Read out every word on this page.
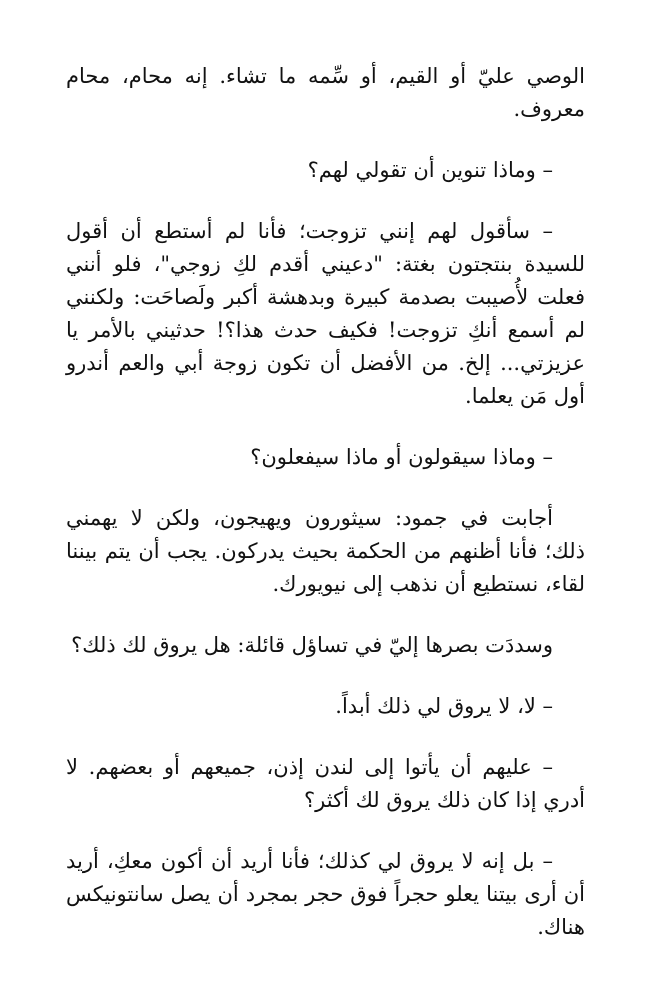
الوصي عليّ أو القيم، أو سِّمه ما تشاء. إنه محام، محام معروف.

– وماذا تنوين أن تقولي لهم؟

– سأقول لهم إنني تزوجت؛ فأنا لم أستطع أن أقول للسيدة بنتجتون بغتة: "دعيني أقدم لكِ زوجي"، فلو أنني فعلت لأُصيبت بصدمة كبيرة وبدهشة أكبر ولَصاحَت: ولكنني لم أسمع أنكِ تزوجت! فكيف حدث هذا؟! حدثيني بالأمر يا عزيزتي... إلخ. من الأفضل أن تكون زوجة أبي والعم أندرو أول مَن يعلما.

– وماذا سيقولون أو ماذا سيفعلون؟

أجابت في جمود: سيثورون ويهيجون، ولكن لا يهمني ذلك؛ فأنا أظنهم من الحكمة بحيث يدركون. يجب أن يتم بيننا لقاء، نستطيع أن نذهب إلى نيويورك.

وسددَت بصرها إليّ في تساؤل قائلة: هل يروق لك ذلك؟

– لا، لا يروق لي ذلك أبداً.

– عليهم أن يأتوا إلى لندن إذن، جميعهم أو بعضهم. لا أدري إذا كان ذلك يروق لك أكثر؟

– بل إنه لا يروق لي كذلك؛ فأنا أريد أن أكون معكِ، أريد أن أرى بيتنا يعلو حجراً فوق حجر بمجرد أن يصل سانتونيكس هناك.
